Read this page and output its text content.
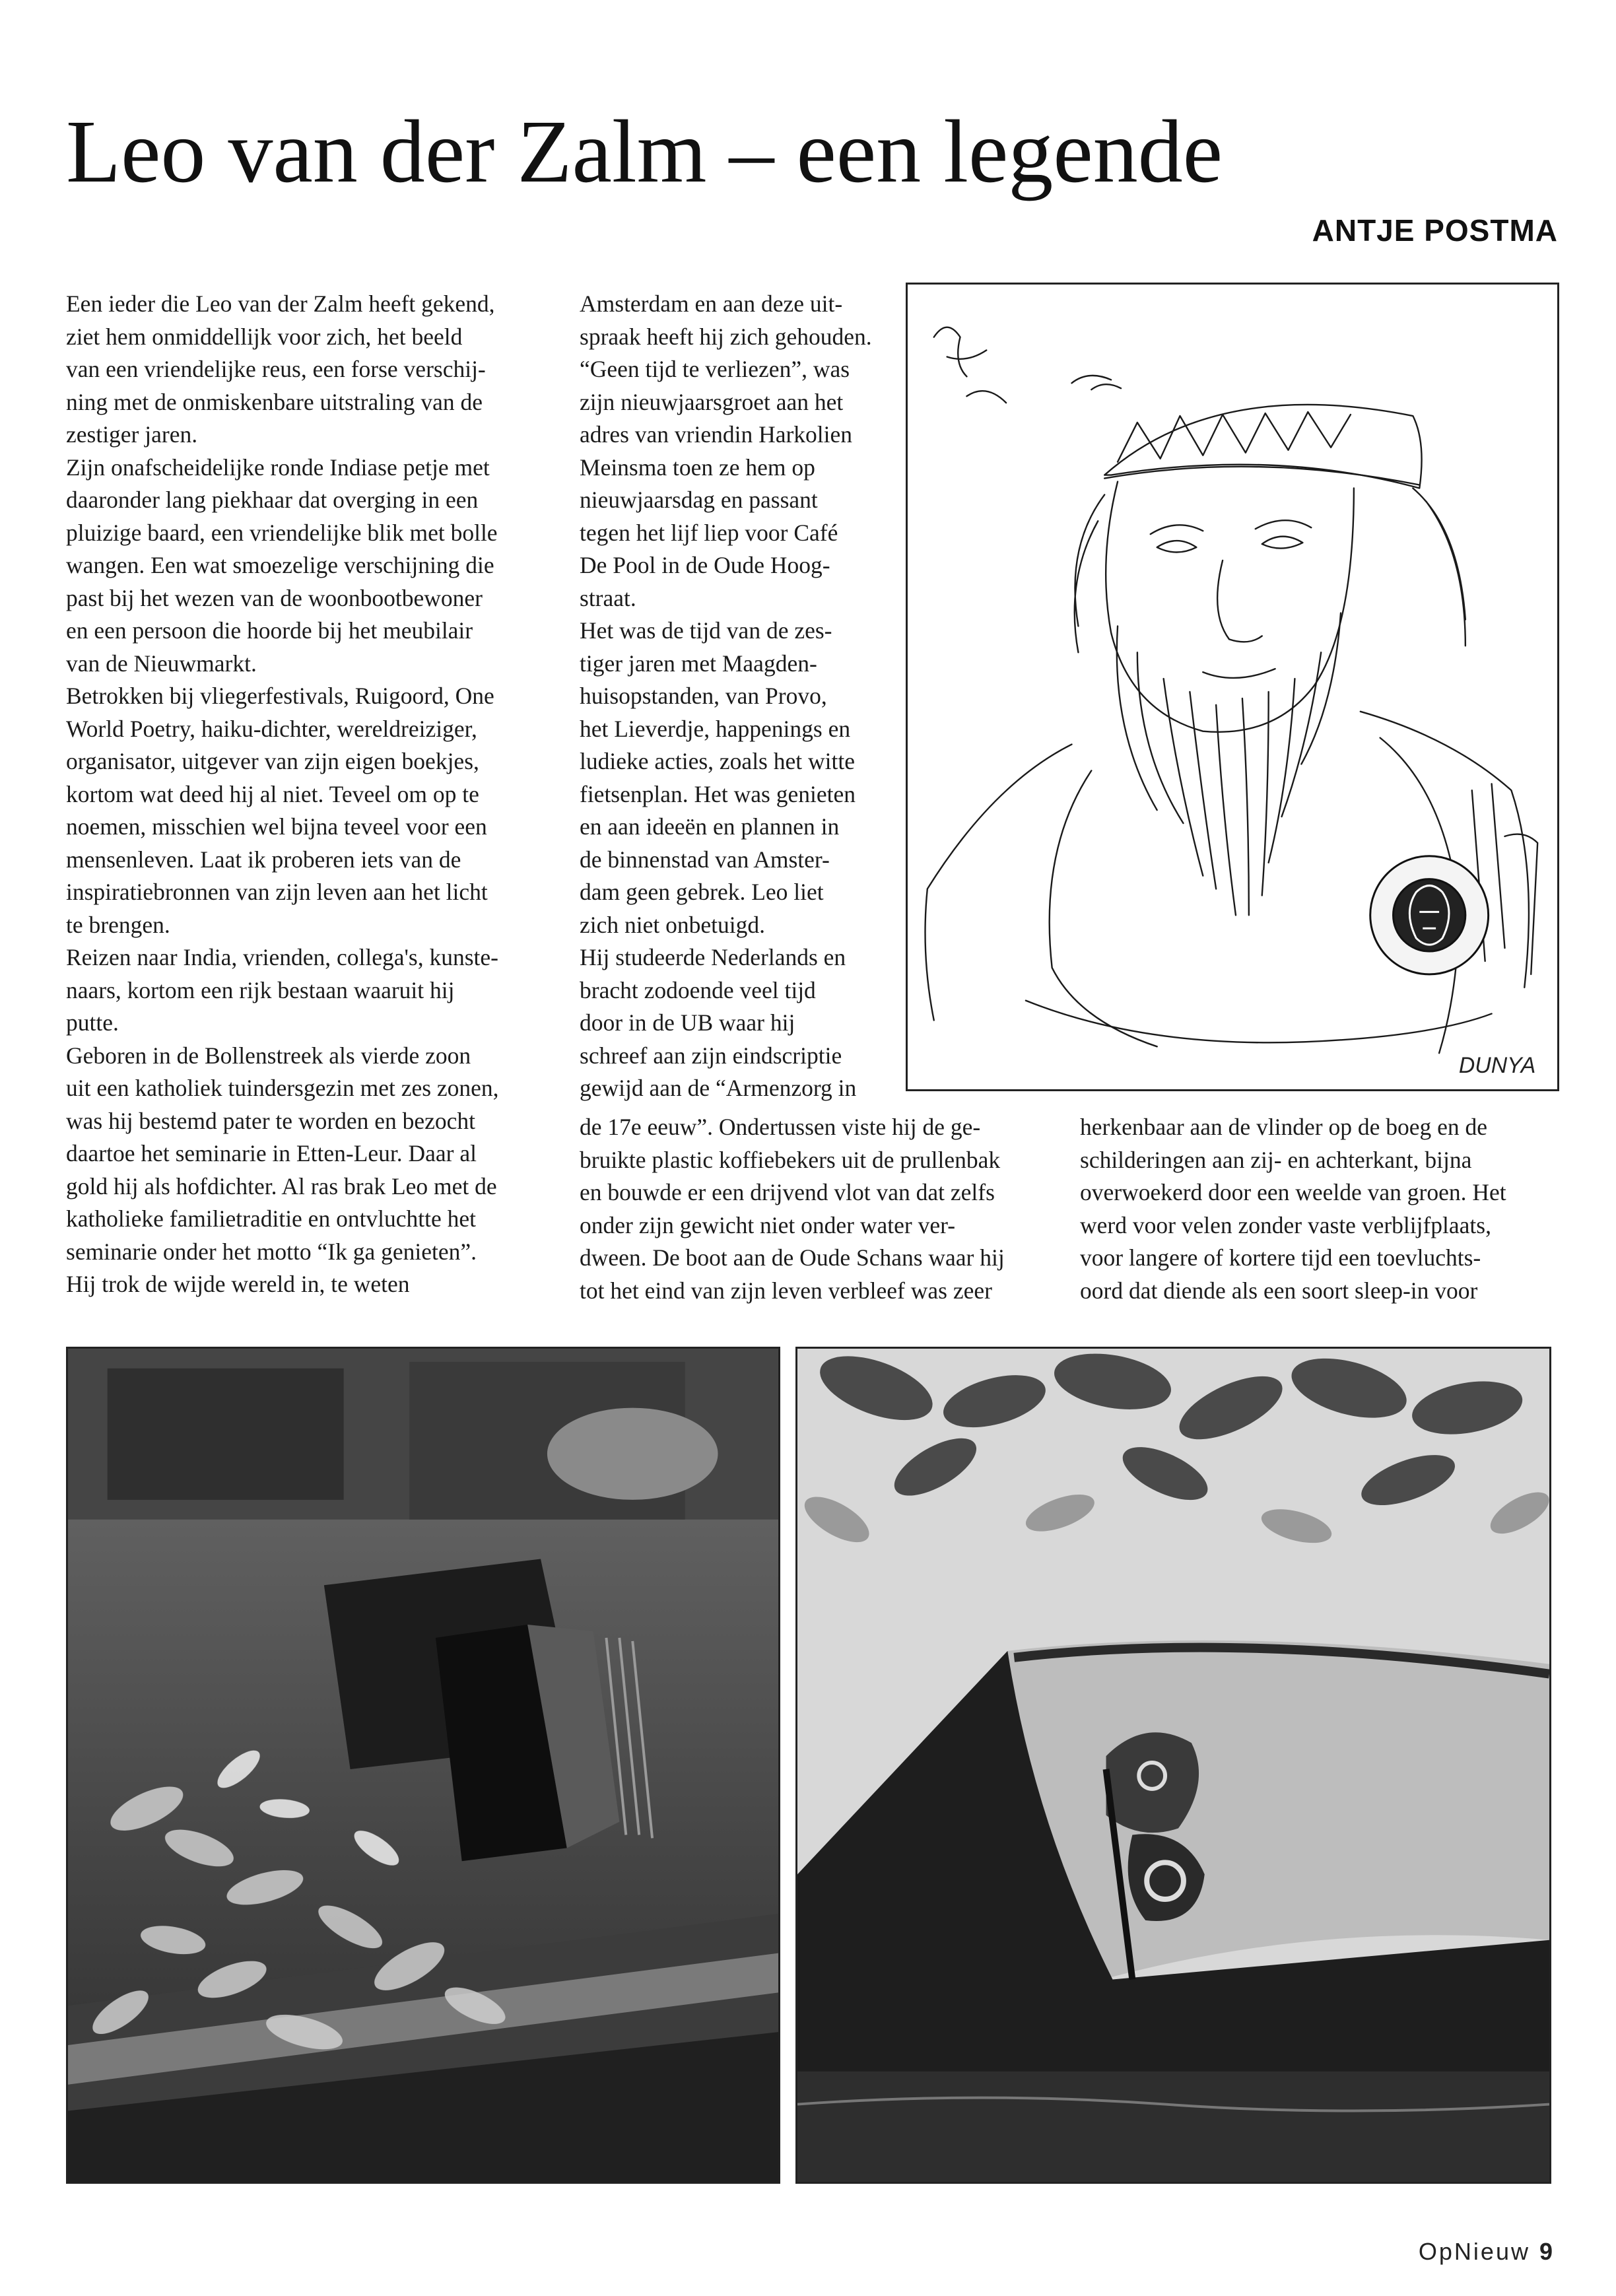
Leo van der Zalm – een legende
ANTJE POSTMA

Een ieder die Leo van der Zalm heeft gekend,

ziet hem onmiddellijk voor zich, het beeld

van een vriendelijke reus, een forse verschij-

ning met de onmiskenbare uitstraling van de

zestiger jaren.

Zijn onafscheidelijke ronde Indiase petje met

daaronder lang piekhaar dat overging in een

pluizige baard, een vriendelijke blik met bolle

wangen. Een wat smoezelige verschijning die

past bij het wezen van de woonbootbewoner

en een persoon die hoorde bij het meubilair

van de Nieuwmarkt.

Betrokken bij vliegerfestivals, Ruigoord, One

World Poetry, haiku-dichter, wereldreiziger,

organisator, uitgever van zijn eigen boekjes,

kortom wat deed hij al niet. Teveel om op te

noemen, misschien wel bijna teveel voor een

mensenleven. Laat ik proberen iets van de

inspiratiebronnen van zijn leven aan het licht

te brengen.

Reizen naar India, vrienden, collega's, kunste-

naars, kortom een rijk bestaan waaruit hij

putte.

Geboren in de Bollenstreek als vierde zoon

uit een katholiek tuindersgezin met zes zonen,

was hij bestemd pater te worden en bezocht

daartoe het seminarie in Etten-Leur. Daar al

gold hij als hofdichter. Al ras brak Leo met de

katholieke familietraditie en ontvluchtte het

seminarie onder het motto “Ik ga genieten”.

Hij trok de wijde wereld in, te weten

Amsterdam en aan deze uit-

spraak heeft hij zich gehouden.

“Geen tijd te verliezen”, was

zijn nieuwjaarsgroet aan het

adres van vriendin Harkolien

Meinsma toen ze hem op

nieuwjaarsdag en passant

tegen het lijf liep voor Café

De Pool in de Oude Hoog-

straat.

Het was de tijd van de zes-

tiger jaren met Maagden-

huisopstanden, van Provo,

het Lieverdje, happenings en

ludieke acties, zoals het witte

fietsenplan. Het was genieten

en aan ideeën en plannen in

de binnenstad van Amster-

dam geen gebrek. Leo liet

zich niet onbetuigd.

Hij studeerde Nederlands en

bracht zodoende veel tijd

door in de UB waar hij

schreef aan zijn eindscriptie

gewijd aan de “Armenzorg in

de 17e eeuw”. Ondertussen viste hij de ge-

bruikte plastic koffiebekers uit de prullenbak

en bouwde er een drijvend vlot van dat zelfs

onder zijn gewicht niet onder water ver-

dween. De boot aan de Oude Schans waar hij

tot het eind van zijn leven verbleef was zeer

herkenbaar aan de vlinder op de boeg en de

schilderingen aan zij- en achterkant, bijna

overwoekerd door een weelde van groen. Het

werd voor velen zonder vaste verblijfplaats,

voor langere of kortere tijd een toevluchts-

oord dat diende als een soort sleep-in voor

DUNYA
OpNieuw 9
